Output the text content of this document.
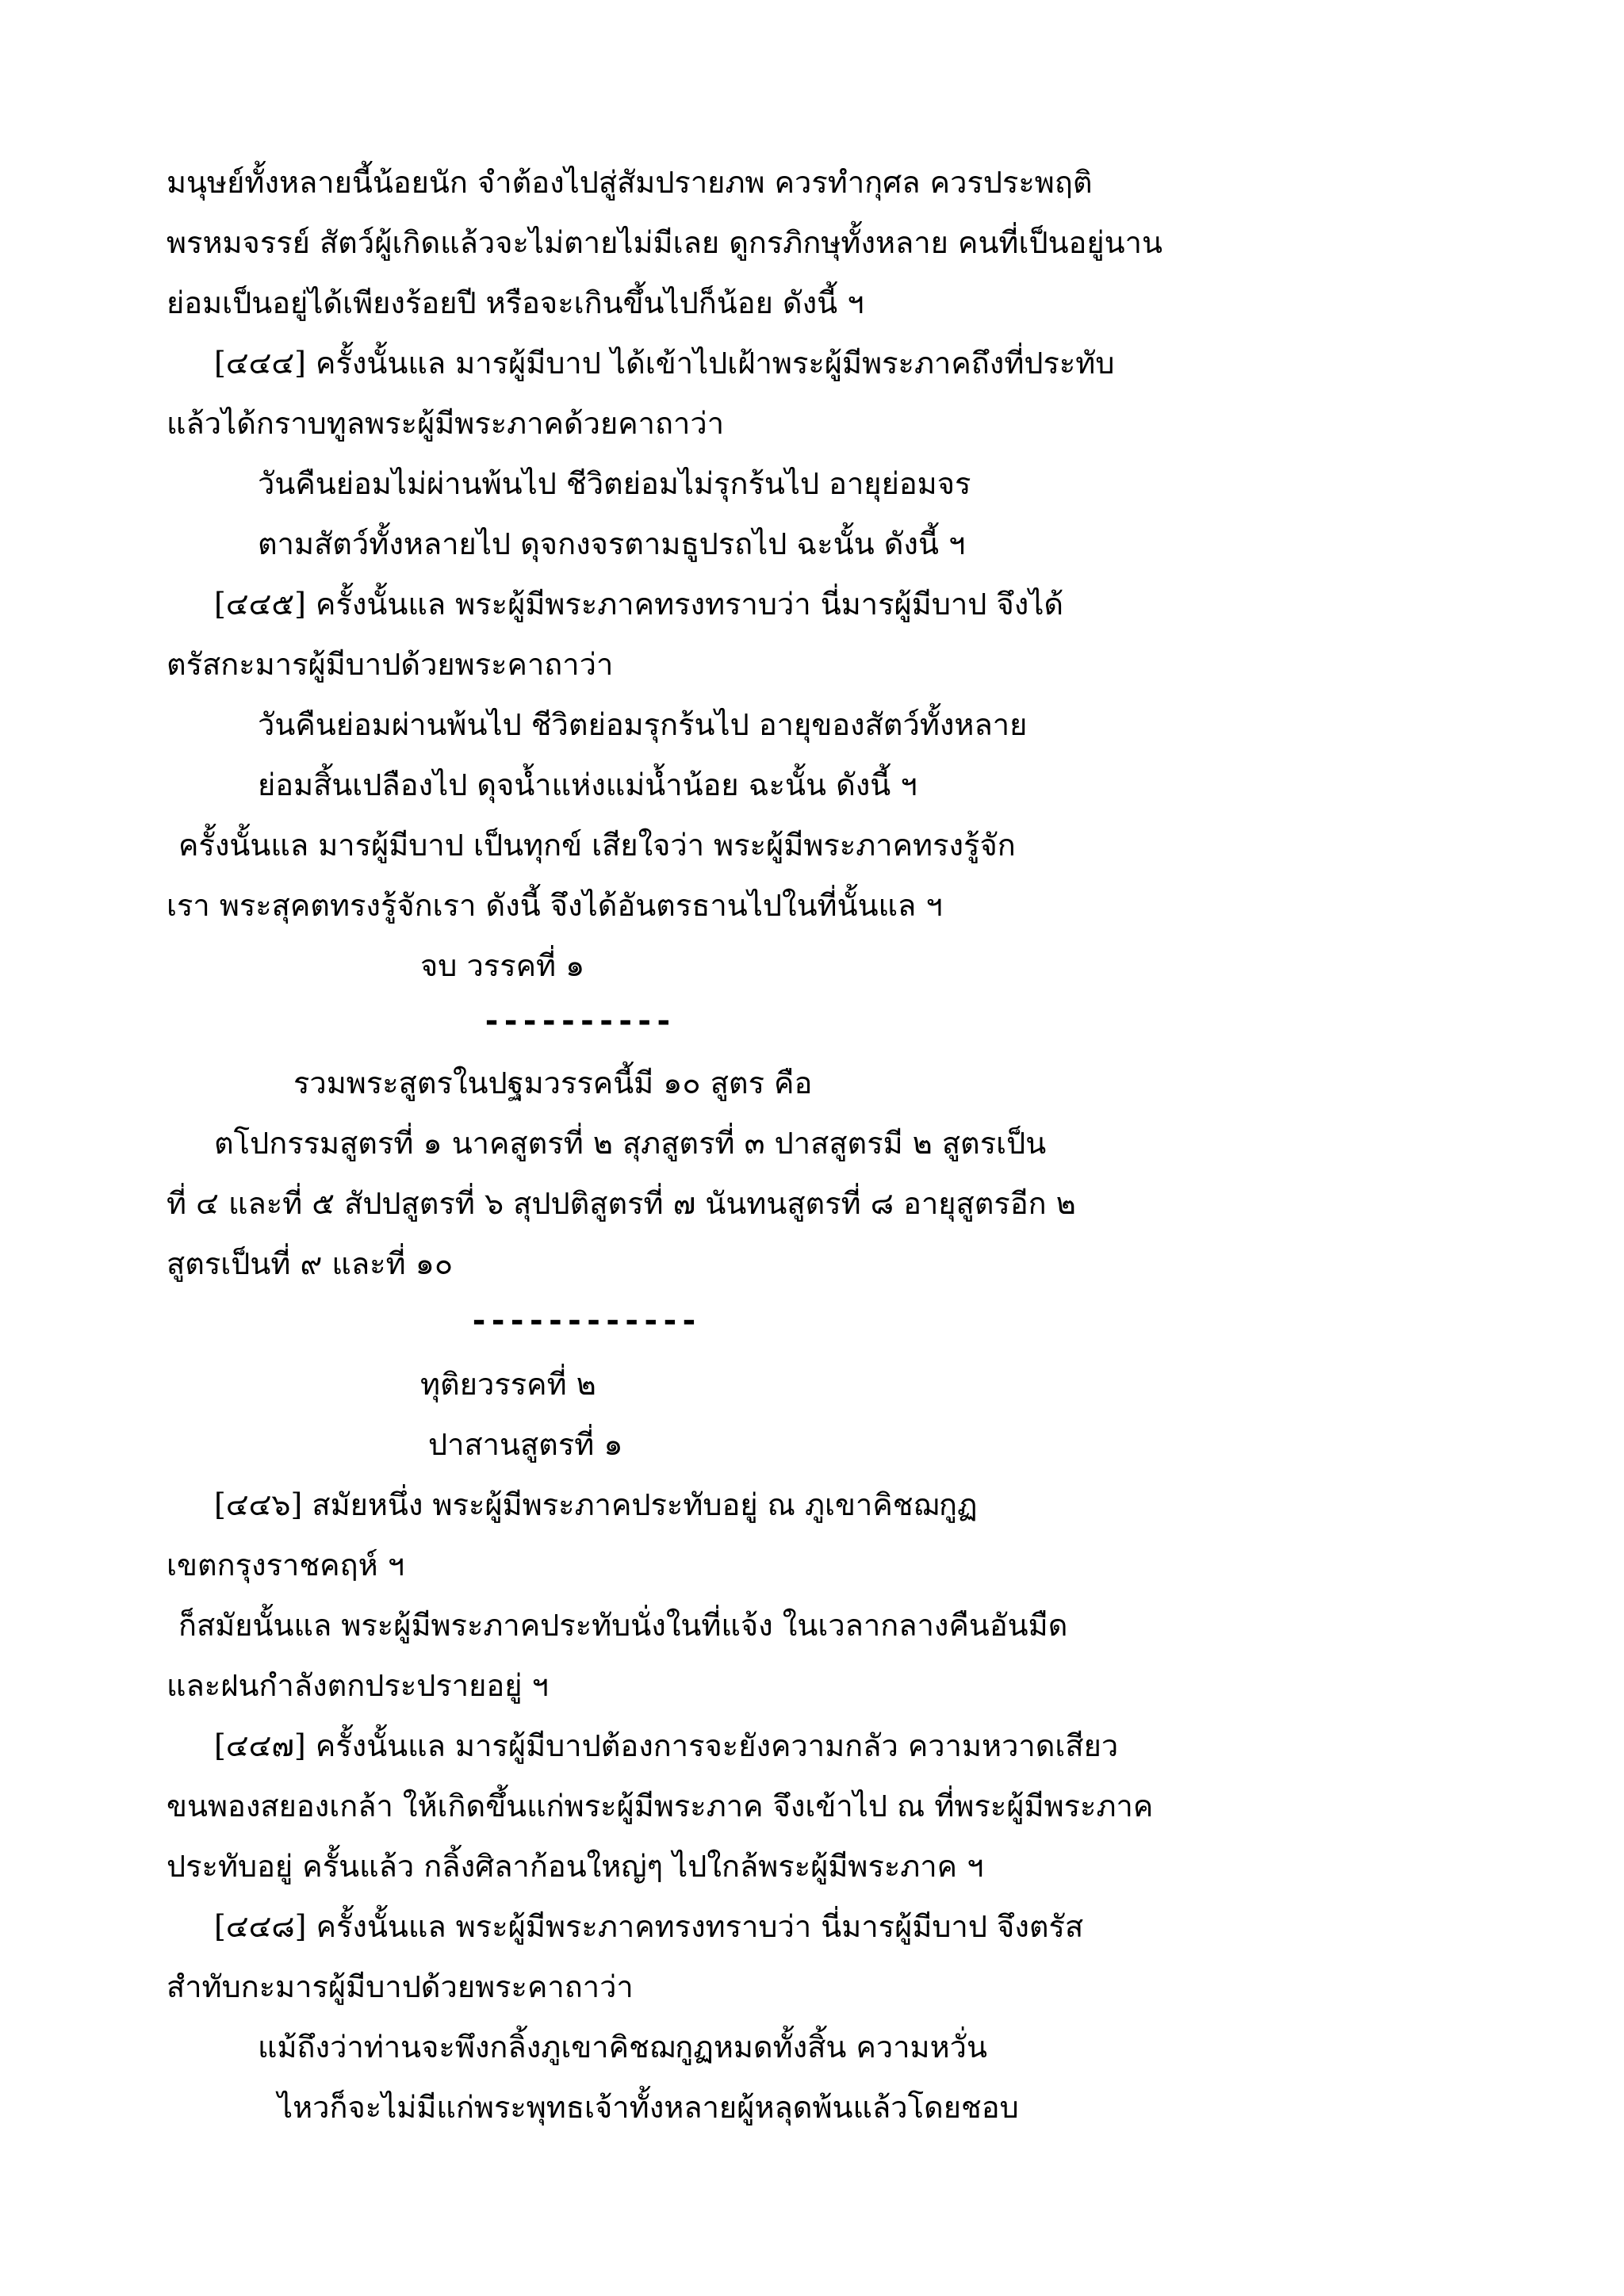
มนุษย์ทั้งหลายนี้น้อยนัก จำต้องไปสู่สัมปรายภพ ควรทำกุศล ควรประพฤติ
พรหมจรรย์ สัตว์ผู้เกิดแล้วจะไม่ตายไม่มีเลย ดูกรภิกษุทั้งหลาย คนที่เป็นอยู่นาน
ย่อมเป็นอยู่ได้เพียงร้อยปี หรือจะเกินขึ้นไปก็น้อย ดังนี้ ฯ
[๔๔๔] ครั้งนั้นแล มารผู้มีบาป ได้เข้าไปเฝ้าพระผู้มีพระภาคถึงที่ประทับ
แล้วได้กราบทูลพระผู้มีพระภาคด้วยคาถาว่า
วันคืนย่อมไม่ผ่านพ้นไป ชีวิตย่อมไม่รุกร้นไป อายุย่อมจร
ตามสัตว์ทั้งหลายไป ดุจกงจรตามธูปรถไป ฉะนั้น ดังนี้ ฯ
[๔๔๕] ครั้งนั้นแล พระผู้มีพระภาคทรงทราบว่า นี่มารผู้มีบาป จึงได้
ตรัสกะมารผู้มีบาปด้วยพระคาถาว่า
วันคืนย่อมผ่านพ้นไป ชีวิตย่อมรุกร้นไป อายุของสัตว์ทั้งหลาย
ย่อมสิ้นเปลืองไป ดุจน้ำแห่งแม่น้ำน้อย ฉะนั้น ดังนี้ ฯ
ครั้งนั้นแล มารผู้มีบาป เป็นทุกข์ เสียใจว่า พระผู้มีพระภาคทรงรู้จัก
เรา พระสุคตทรงรู้จักเรา ดังนี้ จึงได้อันตรธานไปในที่นั้นแล ฯ
จบ วรรคที่ ๑
----------
รวมพระสูตรในปฐมวรรคนี้มี ๑๐ สูตร คือ
ตโปกรรมสูตรที่ ๑ นาคสูตรที่ ๒ สุภสูตรที่ ๓ ปาสสูตรมี ๒ สูตรเป็น
ที่ ๔ และที่ ๕ สัปปสูตรที่ ๖ สุปปติสูตรที่ ๗ นันทนสูตรที่ ๘ อายุสูตรอีก ๒
สูตรเป็นที่ ๙ และที่ ๑๐
------------
ทุติยวรรคที่ ๒
ปาสานสูตรที่ ๑
[๔๔๖] สมัยหนึ่ง พระผู้มีพระภาคประทับอยู่ ณ ภูเขาคิชฌกูฏ
เขตกรุงราชคฤห์ ฯ
ก็สมัยนั้นแล พระผู้มีพระภาคประทับนั่งในที่แจ้ง ในเวลากลางคืนอันมืด
และฝนกำลังตกประปรายอยู่ ฯ
[๔๔๗] ครั้งนั้นแล มารผู้มีบาปต้องการจะยังความกลัว ความหวาดเสียว
ขนพองสยองเกล้า ให้เกิดขึ้นแก่พระผู้มีพระภาค จึงเข้าไป ณ ที่พระผู้มีพระภาค
ประทับอยู่ ครั้นแล้ว กลิ้งศิลาก้อนใหญ่ๆ ไปใกล้พระผู้มีพระภาค ฯ
[๔๔๘] ครั้งนั้นแล พระผู้มีพระภาคทรงทราบว่า นี่มารผู้มีบาป จึงตรัส
สำทับกะมารผู้มีบาปด้วยพระคาถาว่า
แม้ถึงว่าท่านจะพึงกลิ้งภูเขาคิชฌกูฏหมดทั้งสิ้น ความหวั่น
ไหวก็จะไม่มีแก่พระพุทธเจ้าทั้งหลายผู้หลุดพ้นแล้วโดยชอบ
